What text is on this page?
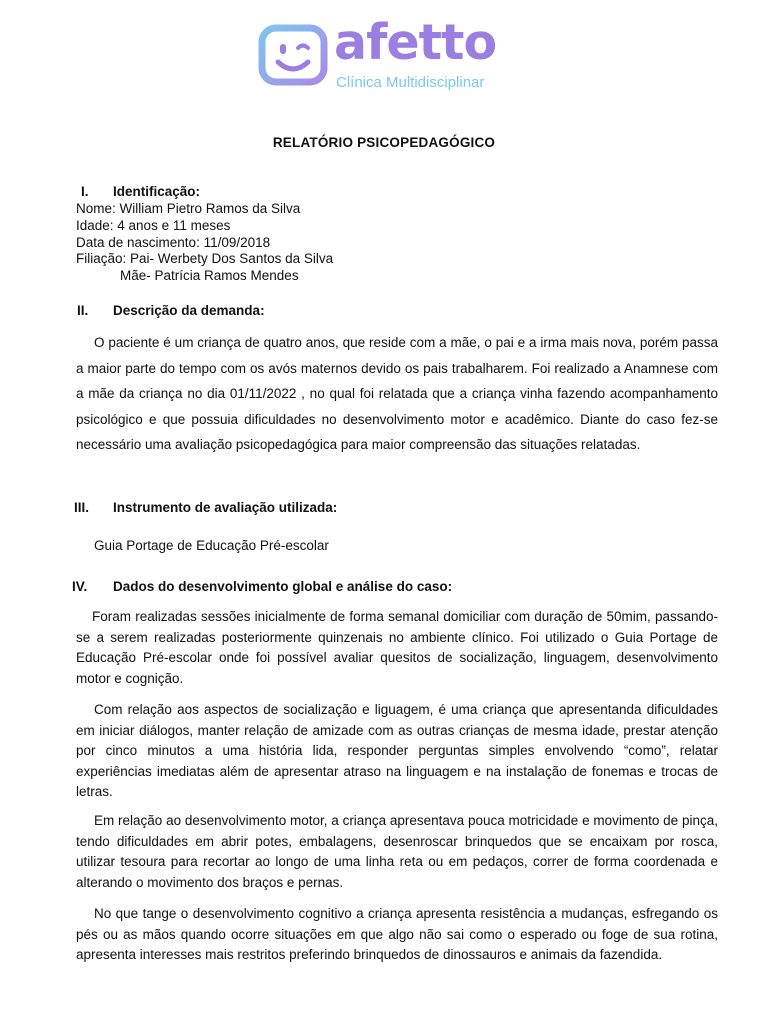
afetto
Clínica Multidisciplinar
RELATÓRIO PSICOPEDAGÓGICO
I. Identificação:
Nome: William Pietro Ramos da Silva
Idade: 4 anos e 11 meses
Data de nascimento: 11/09/2018
Filiação: Pai- Werbety Dos Santos da Silva
Mãe- Patrícia Ramos Mendes
II. Descrição da demanda:
O paciente é um criança de quatro anos, que reside com a mãe, o pai e a irma mais nova, porém passa a maior parte do tempo com os avós maternos devido os pais trabalharem. Foi realizado a Anamnese com a mãe da criança no dia 01/11/2022 , no qual foi relatada que a criança vinha fazendo acompanhamento psicológico e que possuia dificuldades no desenvolvimento motor e acadêmico. Diante do caso fez-se necessário uma avaliação psicopedagógica para maior compreensão das situações relatadas.
III. Instrumento de avaliação utilizada:
Guia Portage de Educação Pré-escolar
IV. Dados do desenvolvimento global e análise do caso:
Foram realizadas sessões inicialmente de forma semanal domiciliar com duração de 50mim, passando-se a serem realizadas posteriormente quinzenais no ambiente clínico. Foi utilizado o Guia Portage de Educação Pré-escolar onde foi possível avaliar quesitos de socialização, linguagem, desenvolvimento motor e cognição.
Com relação aos aspectos de socialização e liguagem, é uma criança que apresentanda dificuldades em iniciar diálogos, manter relação de amizade com as outras crianças de mesma idade, prestar atenção por cinco minutos a uma história lida, responder perguntas simples envolvendo “como”, relatar experiências imediatas além de apresentar atraso na linguagem e na instalação de fonemas e trocas de letras.
Em relação ao desenvolvimento motor, a criança apresentava pouca motricidade e movimento de pinça, tendo dificuldades em abrir potes, embalagens, desenroscar brinquedos que se encaixam por rosca, utilizar tesoura para recortar ao longo de uma linha reta ou em pedaços, correr de forma coordenada e alterando o movimento dos braços e pernas.
No que tange o desenvolvimento cognitivo a criança apresenta resistência a mudanças, esfregando os pés ou as mãos quando ocorre situações em que algo não sai como o esperado ou foge de sua rotina, apresenta interesses mais restritos preferindo brinquedos de dinossauros e animais da fazendida.
